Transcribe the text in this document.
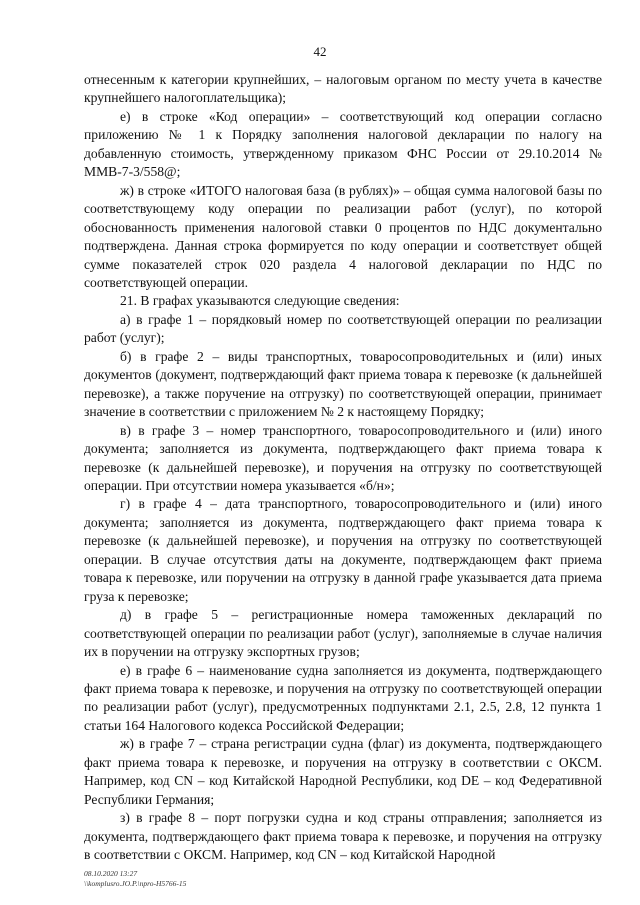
42

отнесенным к категории крупнейших, – налоговым органом по месту учета в качестве крупнейшего налогоплательщика);

е) в строке «Код операции» – соответствующий код операции согласно приложению № 1 к Порядку заполнения налоговой декларации по налогу на добавленную стоимость, утвержденному приказом ФНС России от 29.10.2014 № ММВ-7-3/558@;

ж) в строке «ИТОГО налоговая база (в рублях)» – общая сумма налоговой базы по соответствующему коду операции по реализации работ (услуг), по которой обоснованность применения налоговой ставки 0 процентов по НДС документально подтверждена. Данная строка формируется по коду операции и соответствует общей сумме показателей строк 020 раздела 4 налоговой декларации по НДС по соответствующей операции.

21. В графах указываются следующие сведения:

а) в графе 1 – порядковый номер по соответствующей операции по реализации работ (услуг);

б) в графе 2 – виды транспортных, товаросопроводительных и (или) иных документов (документ, подтверждающий факт приема товара к перевозке (к дальнейшей перевозке), а также поручение на отгрузку) по соответствующей операции, принимает значение в соответствии с приложением № 2 к настоящему Порядку;

в) в графе 3 – номер транспортного, товаросопроводительного и (или) иного документа; заполняется из документа, подтверждающего факт приема товара к перевозке (к дальнейшей перевозке), и поручения на отгрузку по соответствующей операции. При отсутствии номера указывается «б/н»;

г) в графе 4 – дата транспортного, товаросопроводительного и (или) иного документа; заполняется из документа, подтверждающего факт приема товара к перевозке (к дальнейшей перевозке), и поручения на отгрузку по соответствующей операции. В случае отсутствия даты на документе, подтверждающем факт приема товара к перевозке, или поручении на отгрузку в данной графе указывается дата приема груза к перевозке;

д) в графе 5 – регистрационные номера таможенных деклараций по соответствующей операции по реализации работ (услуг), заполняемые в случае наличия их в поручении на отгрузку экспортных грузов;

е) в графе 6 – наименование судна заполняется из документа, подтверждающего факт приема товара к перевозке, и поручения на отгрузку по соответствующей операции по реализации работ (услуг), предусмотренных подпунктами 2.1, 2.5, 2.8, 12 пункта 1 статьи 164 Налогового кодекса Российской Федерации;

ж) в графе 7 – страна регистрации судна (флаг) из документа, подтверждающего факт приема товара к перевозке, и поручения на отгрузку в соответствии с ОКСМ. Например, код CN – код Китайской Народной Республики, код DE – код Федеративной Республики Германия;

з) в графе 8 – порт погрузки судна и код страны отправления; заполняется из документа, подтверждающего факт приема товара к перевозке, и поручения на отгрузку в соответствии с ОКСМ. Например, код CN – код Китайской Народной

08.10.2020 13:27
\\komplusro.JO.P.\npro-H5766-15
